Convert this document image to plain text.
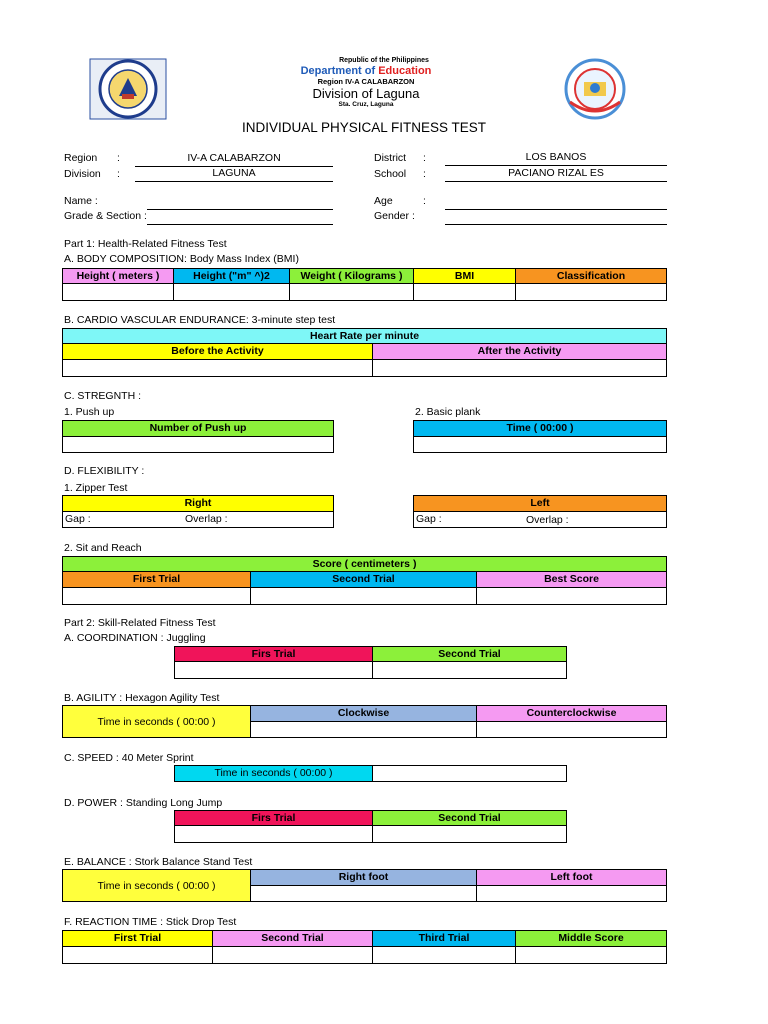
Republic of the Philippines
Department of Education
Region IV-A CALABARZON
Division of Laguna
Sta. Cruz, Laguna
INDIVIDUAL PHYSICAL FITNESS TEST
Region :	IV-A CALABARZON
Division :	LAGUNA
District :	LOS BANOS
School :	PACIANO RIZAL ES
Name :
Grade & Section :
Age	:
Gender :
Part 1: Health-Related Fitness Test
A. BODY COMPOSITION: Body Mass Index (BMI)
Height ( meters )	Height ("m" ^)2	Weight ( Kilograms )	BMI	Classification
B. CARDIO VASCULAR ENDURANCE: 3-minute step test
Heart Rate per minute
Before the Activity	After the Activity
C. STREGNTH :
1. Push up
Number of Push up
2. Basic plank
Time ( 00:00 )
D. FLEXIBILITY :
1. Zipper Test
Right
Gap :	Overlap :
Left
Gap :	Overlap :
2. Sit and Reach
Score ( centimeters )
First Trial	Second Trial	Best Score
Part 2: Skill-Related Fitness Test
A. COORDINATION : Juggling
Firs Trial	Second Trial
B. AGILITY : Hexagon Agility Test
Time in seconds ( 00:00 )
Clockwise	Counterclockwise
C. SPEED : 40 Meter Sprint
Time in seconds ( 00:00 )
D. POWER : Standing Long Jump
Firs Trial	Second Trial
E. BALANCE : Stork Balance Stand Test
Time in seconds ( 00:00 )
Right foot	Left foot
F. REACTION TIME : Stick Drop Test
First Trial	Second Trial	Third Trial	Middle Score
